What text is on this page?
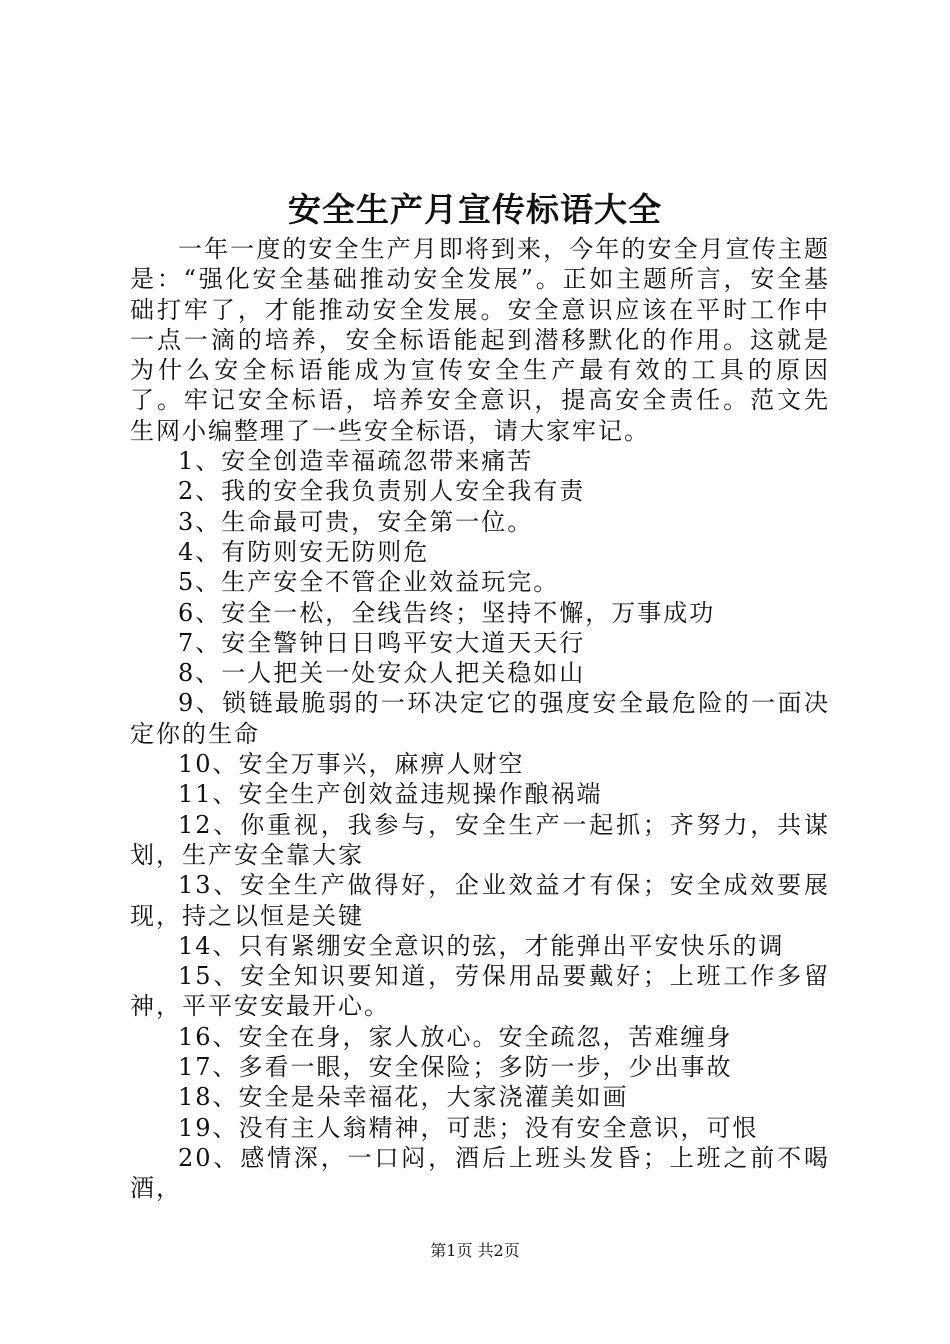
安全生产月宣传标语大全

一年一度的安全生产月即将到来，今年的安全月宣传主题是：“强化安全基础推动安全发展”。正如主题所言，安全基础打牢了，才能推动安全发展。安全意识应该在平时工作中一点一滴的培养，安全标语能起到潜移默化的作用。这就是为什么安全标语能成为宣传安全生产最有效的工具的原因了。牢记安全标语，培养安全意识，提高安全责任。范文先生网小编整理了一些安全标语，请大家牢记。

1、安全创造幸福疏忽带来痛苦

2、我的安全我负责别人安全我有责

3、生命最可贵，安全第一位。

4、有防则安无防则危

5、生产安全不管企业效益玩完。

6、安全一松，全线告终；坚持不懈，万事成功

7、安全警钟日日鸣平安大道天天行

8、一人把关一处安众人把关稳如山

9、锁链最脆弱的一环决定它的强度安全最危险的一面决定你的生命

10、安全万事兴，麻痹人财空

11、安全生产创效益违规操作酿祸端

12、你重视，我参与，安全生产一起抓；齐努力，共谋划，生产安全靠大家

13、安全生产做得好，企业效益才有保；安全成效要展现，持之以恒是关键

14、只有紧绷安全意识的弦，才能弹出平安快乐的调

15、安全知识要知道，劳保用品要戴好；上班工作多留神，平平安安最开心。

16、安全在身，家人放心。安全疏忽，苦难缠身

17、多看一眼，安全保险；多防一步，少出事故

18、安全是朵幸福花，大家浇灌美如画

19、没有主人翁精神，可悲；没有安全意识，可恨

20、感情深，一口闷，酒后上班头发昏；上班之前不喝酒，

第1页 共2页
